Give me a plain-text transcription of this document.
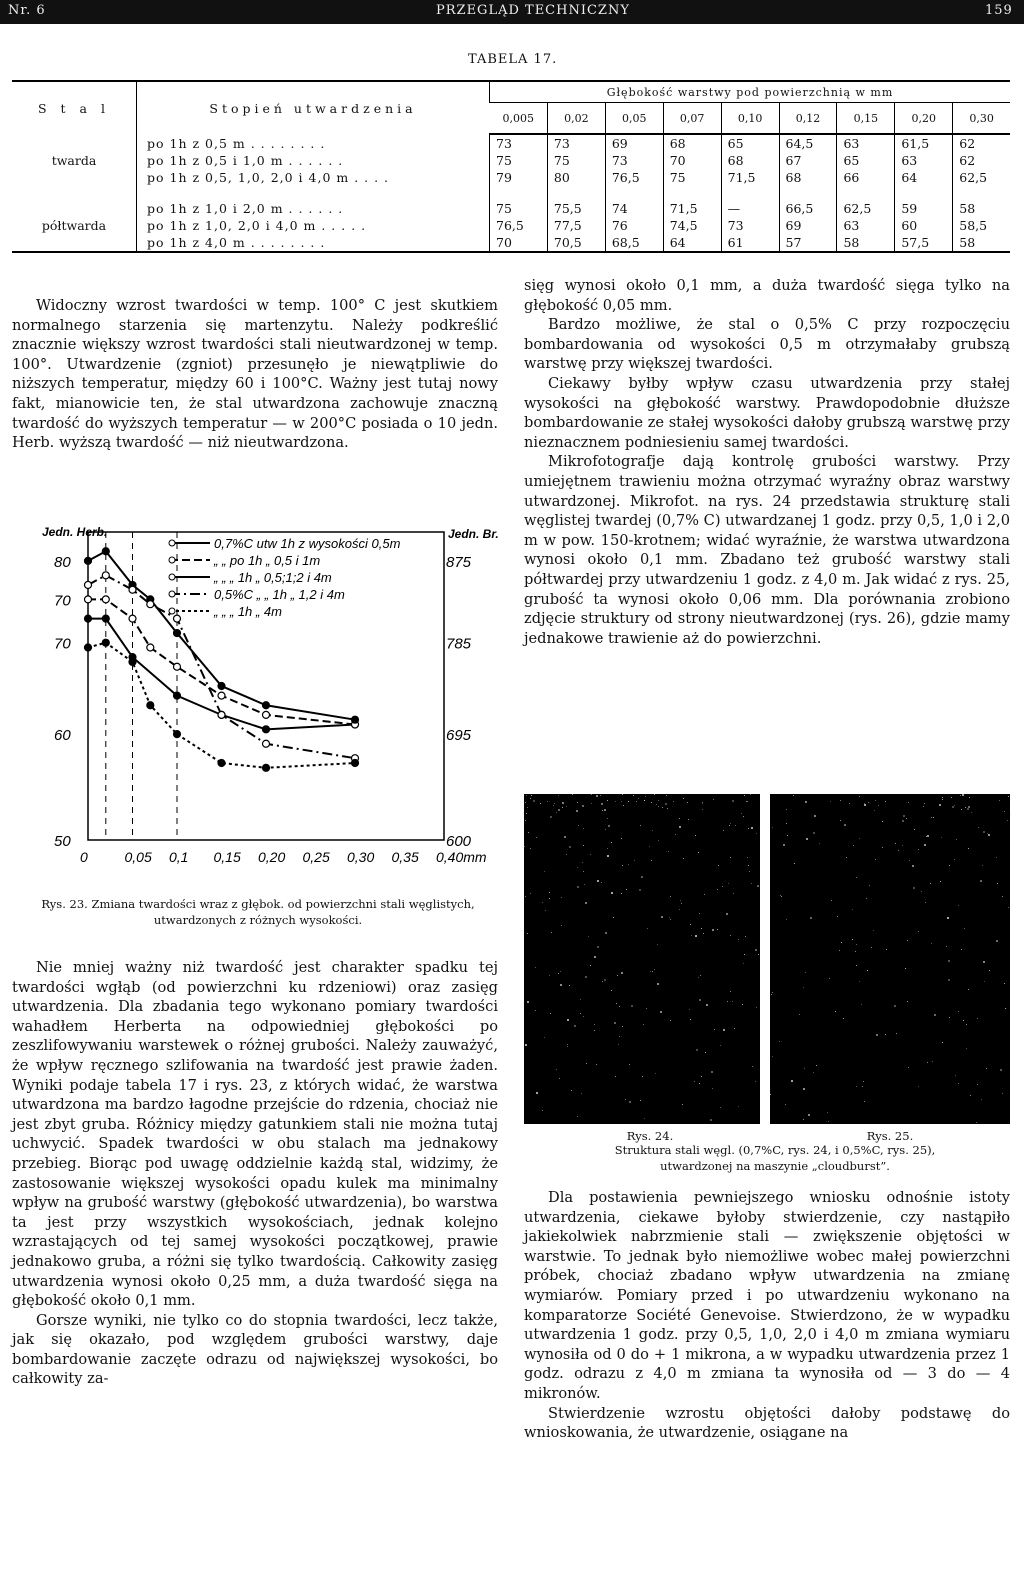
Nr. 6	PRZEGLĄD TECHNICZNY	159
TABELA 17.
S t a l	Stopień utwardzenia	Głębokość warstwy pod powierzchnią w mm								
		0,005	0,02	0,05	0,07	0,10	0,12	0,15	0,20	0,30
	po 1h z 0,5 m . . . . . . . .	73	73	69	68	65	64,5	63	61,5	62
twarda	po 1h z 0,5 i 1,0 m . . . . . .	75	75	73	70	68	67	65	63	62
	po 1h z 0,5, 1,0, 2,0 i 4,0 m . . . .	79	80	76,5	75	71,5	68	66	64	62,5

	po 1h z 1,0 i 2,0 m . . . . . .	75	75,5	74	71,5	—	66,5	62,5	59	58
półtwarda	po 1h z 1,0, 2,0 i 4,0 m . . . . .	76,5	77,5	76	74,5	73	69	63	60	58,5
	po 1h z 4,0 m . . . . . . . .	70	70,5	68,5	64	61	57	58	57,5	58

Widoczny wzrost twardości w temp. 100° C jest skutkiem normalnego starzenia się martenzytu. Należy podkreślić znacznie większy wzrost twardości stali nieutwardzonej w temp. 100°. Utwardzenie (zgniot) przesunęło je niewątpliwie do niższych temperatur, między 60 i 100°C. Ważny jest tutaj nowy fakt, mianowicie ten, że stal utwardzona zachowuje znaczną twardość do wyższych temperatur — w 200°C posiada o 10 jedn. Herb. wyższą twardość — niż nieutwardzona.

50
60
70
70
80
600
695
785
875
Jedn. Herb.	Jedn. Br.
0	0,05 0,1 0,15 0,20 0,25 0,30 0,35 0,40mm
0,7%C utw 1h z wysokości 0,5m
„ „ po 1h „ 0,5 i 1m
„ „ „ 1h „ 0,5;1;2 i 4m
0,5%C „ „ 1h „ 1,2 i 4m
„ „ „ 1h „ 4m
Rys. 23. Zmiana twardości wraz z głębok. od powierzchni stali węglistych, utwardzonych z różnych wysokości.

Nie mniej ważny niż twardość jest charakter spadku tej twardości wgłąb (od powierzchni ku rdzeniowi) oraz zasięg utwardzenia. Dla zbadania tego wykonano pomiary twardości wahadłem Herberta na odpowiedniej głębokości po zeszlifowywaniu warstewek o różnej grubości. Należy zauważyć, że wpływ ręcznego szlifowania na twardość jest prawie żaden. Wyniki podaje tabela 17 i rys. 23, z których widać, że warstwa utwardzona ma bardzo łagodne przejście do rdzenia, chociaż nie jest zbyt gruba. Różnicy między gatunkiem stali nie można tutaj uchwycić. Spadek twardości w obu stalach ma jednakowy przebieg. Biorąc pod uwagę oddzielnie każdą stal, widzimy, że zastosowanie większej wysokości opadu kulek ma minimalny wpływ na grubość warstwy (głębokość utwardzenia), bo warstwa ta jest przy wszystkich wysokościach, jednak kolejno wzrastających od tej samej wysokości początkowej, prawie jednakowo gruba, a różni się tylko twardością. Całkowity zasięg utwardzenia wynosi około 0,25 mm, a duża twardość sięga na głębokość około 0,1 mm.

Gorsze wyniki, nie tylko co do stopnia twardości, lecz także, jak się okazało, pod względem grubości warstwy, daje bombardowanie zaczęte odrazu od największej wysokości, bo całkowity za-

sięg wynosi około 0,1 mm, a duża twardość sięga tylko na głębokość 0,05 mm.

Bardzo możliwe, że stal o 0,5% C przy rozpoczęciu bombardowania od wysokości 0,5 m otrzymałaby grubszą warstwę przy większej twardości.

Ciekawy byłby wpływ czasu utwardzenia przy stałej wysokości na głębokość warstwy. Prawdopodobnie dłuższe bombardowanie ze stałej wysokości dałoby grubszą warstwę przy nieznacznem podniesieniu samej twardości.

Mikrofotografje dają kontrolę grubości warstwy. Przy umiejętnem trawieniu można otrzymać wyraźny obraz warstwy utwardzonej. Mikrofot. na rys. 24 przedstawia strukturę stali węglistej twardej (0,7% C) utwardzanej 1 godz. przy 0,5, 1,0 i 2,0 m w pow. 150-krotnem; widać wyraźnie, że warstwa utwardzona wynosi około 0,1 mm. Zbadano też grubość warstwy stali półtwardej przy utwardzeniu 1 godz. z 4,0 m. Jak widać z rys. 25, grubość ta wynosi około 0,06 mm. Dla porównania zrobiono zdjęcie struktury od strony nieutwardzonej (rys. 26), gdzie mamy jednakowe trawienie aż do powierzchni.

Rys. 24.	Rys. 25.
Struktura stali węgl. (0,7%C, rys. 24, i 0,5%C, rys. 25), utwardzonej na maszynie „cloudburst”.

Dla postawienia pewniejszego wniosku odnośnie istoty utwardzenia, ciekawe byłoby stwierdzenie, czy nastąpiło jakiekolwiek nabrzmienie stali — zwiększenie objętości w warstwie. To jednak było niemożliwe wobec małej powierzchni próbek, chociaż zbadano wpływ utwardzenia na zmianę wymiarów. Pomiary przed i po utwardzeniu wykonano na komparatorze Société Genevoise. Stwierdzono, że w wypadku utwardzenia 1 godz. przy 0,5, 1,0, 2,0 i 4,0 m zmiana wymiaru wynosiła od 0 do + 1 mikrona, a w wypadku utwardzenia przez 1 godz. odrazu z 4,0 m zmiana ta wynosiła od — 3 do — 4 mikronów.

Stwierdzenie wzrostu objętości dałoby podstawę do wnioskowania, że utwardzenie, osiągane na
